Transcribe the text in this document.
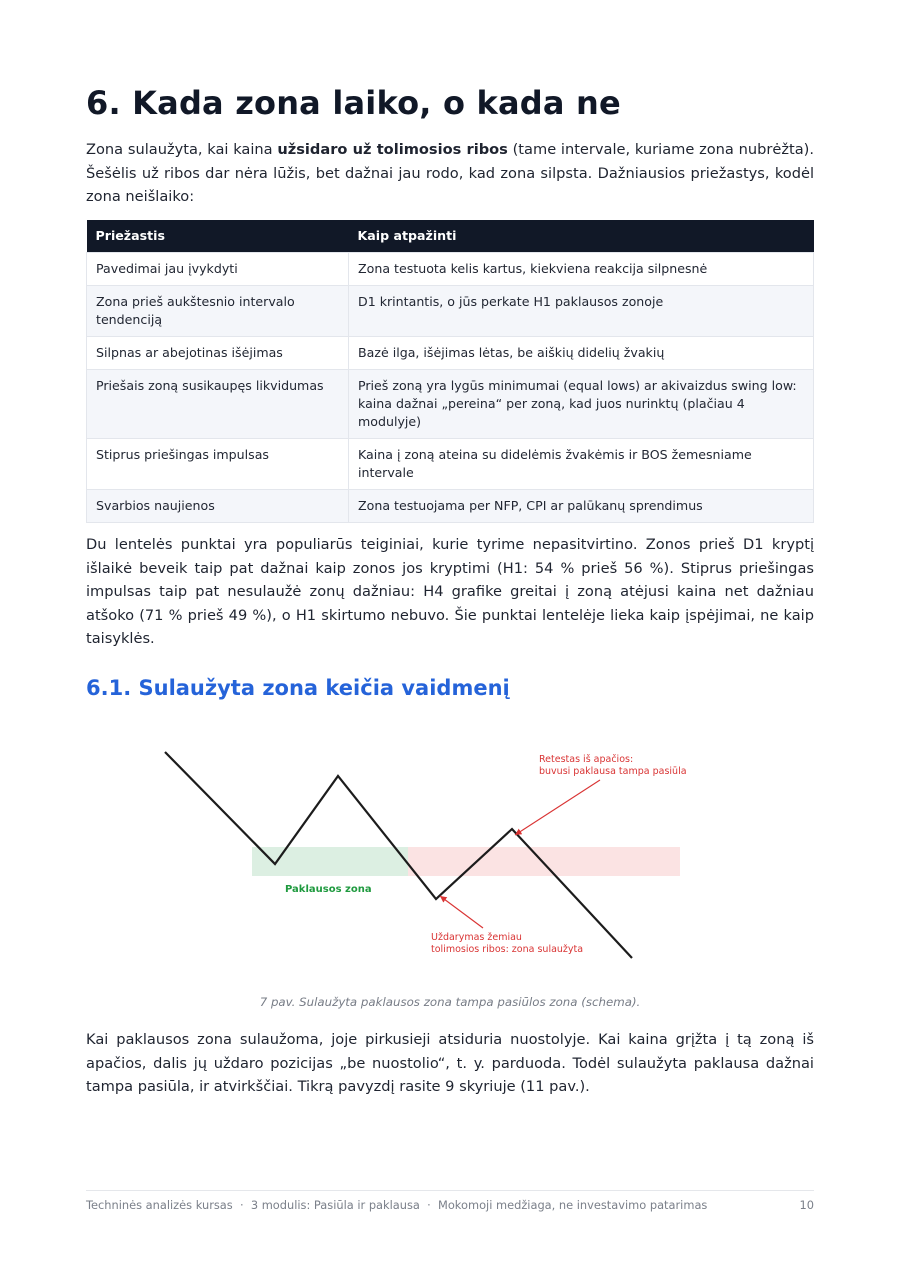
6. Kada zona laiko, o kada ne

Zona sulaužyta, kai kaina užsidaro už tolimosios ribos (tame intervale, kuriame zona nubrėžta). Šešėlis už ribos dar nėra lūžis, bet dažnai jau rodo, kad zona silpsta. Dažniausios priežastys, kodėl zona neišlaiko:

Priežastis	Kaip atpažinti
Pavedimai jau įvykdyti	Zona testuota kelis kartus, kiekviena reakcija silpnesnė
Zona prieš aukštesnio intervalo tendenciją	D1 krintantis, o jūs perkate H1 paklausos zonoje
Silpnas ar abejotinas išėjimas	Bazė ilga, išėjimas lėtas, be aiškių didelių žvakių
Priešais zoną susikaupęs likvidumas	Prieš zoną yra lygūs minimumai (equal lows) ar akivaizdus swing low: kaina dažnai „pereina“ per zoną, kad juos nurinktų (plačiau 4 modulyje)
Stiprus priešingas impulsas	Kaina į zoną ateina su didelėmis žvakėmis ir BOS žemesniame intervale
Svarbios naujienos	Zona testuojama per NFP, CPI ar palūkanų sprendimus

Du lentelės punktai yra populiarūs teiginiai, kurie tyrime nepasitvirtino. Zonos prieš D1 kryptį išlaikė beveik taip pat dažnai kaip zonos jos kryptimi (H1: 54 % prieš 56 %). Stiprus priešingas impulsas taip pat nesulaužė zonų dažniau: H4 grafike greitai į zoną atėjusi kaina net dažniau atšoko (71 % prieš 49 %), o H1 skirtumo nebuvo. Šie punktai lentelėje lieka kaip įspėjimai, ne kaip taisyklės.

6.1. Sulaužyta zona keičia vaidmenį
Paklausos zona
Retestas iš apačios:
buvusi paklausa tampa pasiūla
Uždarymas žemiau
tolimosios ribos: zona sulaužyta
7 pav. Sulaužyta paklausos zona tampa pasiūlos zona (schema).

Kai paklausos zona sulaužoma, joje pirkusieji atsiduria nuostolyje. Kai kaina grįžta į tą zoną iš apačios, dalis jų uždaro pozicijas „be nuostolio“, t. y. parduoda. Todėl sulaužyta paklausa dažnai tampa pasiūla, ir atvirkščiai. Tikrą pavyzdį rasite 9 skyriuje (11 pav.).

Techninės analizės kursas  ·  3 modulis: Pasiūla ir paklausa  ·  Mokomoji medžiaga, ne investavimo patarimas	10
